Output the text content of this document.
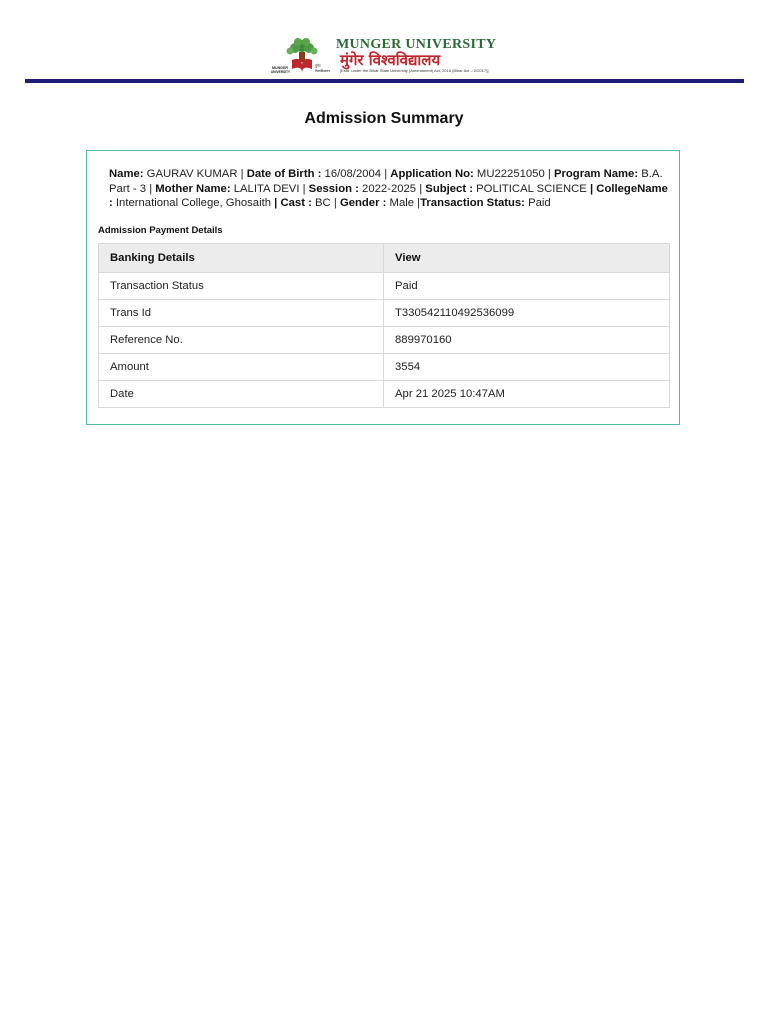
MUNGER
UNIVERSITY
मुंगेर
विश्वविद्यालय
MUNGER UNIVERSITY
मुंगेर विश्वविद्यालय
[Estd. under the Bihar State University (Amendment) Act, 2016 (Bihar Act – 2/2017)]
Admission Summary
Name: GAURAV KUMAR | Date of Birth : 16/08/2004 | Application No: MU22251050 | Program Name: B.A. Part - 3 | Mother Name: LALITA DEVI | Session : 2022-2025 | Subject : POLITICAL SCIENCE | CollegeName : International College, Ghosaith | Cast : BC | Gender : Male |Transaction Status: Paid
Admission Payment Details
Banking Details	View
Transaction Status	Paid
Trans Id	T330542110492536099
Reference No.	889970160
Amount	3554
Date	Apr 21 2025 10:47AM
